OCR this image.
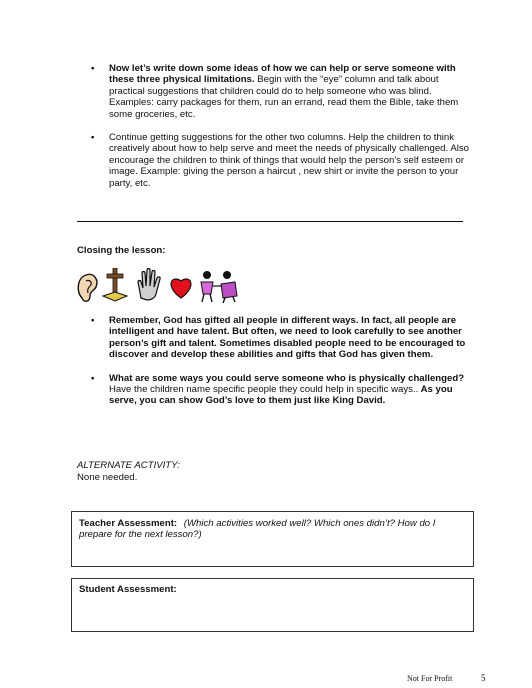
• Now let’s write down some ideas of how we can help or serve someone with these three physical limitations. Begin with the “eye” column and talk about practical suggestions that children could do to help someone who was blind. Examples: carry packages for them, run an errand, read them the Bible, take them some groceries, etc.

• Continue getting suggestions for the other two columns. Help the children to think creatively about how to help serve and meet the needs of physically challenged. Also encourage the children to think of things that would help the person’s self esteem or image. Example: giving the person a haircut , new shirt or invite the person to your party, etc.

Closing the lesson:

• Remember, God has gifted all people in different ways. In fact, all people are intelligent and have talent. But often, we need to look carefully to see another person’s gift and talent. Sometimes disabled people need to be encouraged to discover and develop these abilities and gifts that God has given them.

• What are some ways you could serve someone who is physically challenged? Have the children name specific people they could help in specific ways.. As you serve, you can show God’s love to them just like King David.

ALTERNATE ACTIVITY:
None needed.
Teacher Assessment: (Which activities worked well? Which ones didn’t? How do I prepare for the next lesson?)
Student Assessment:
Not For Profit	5
